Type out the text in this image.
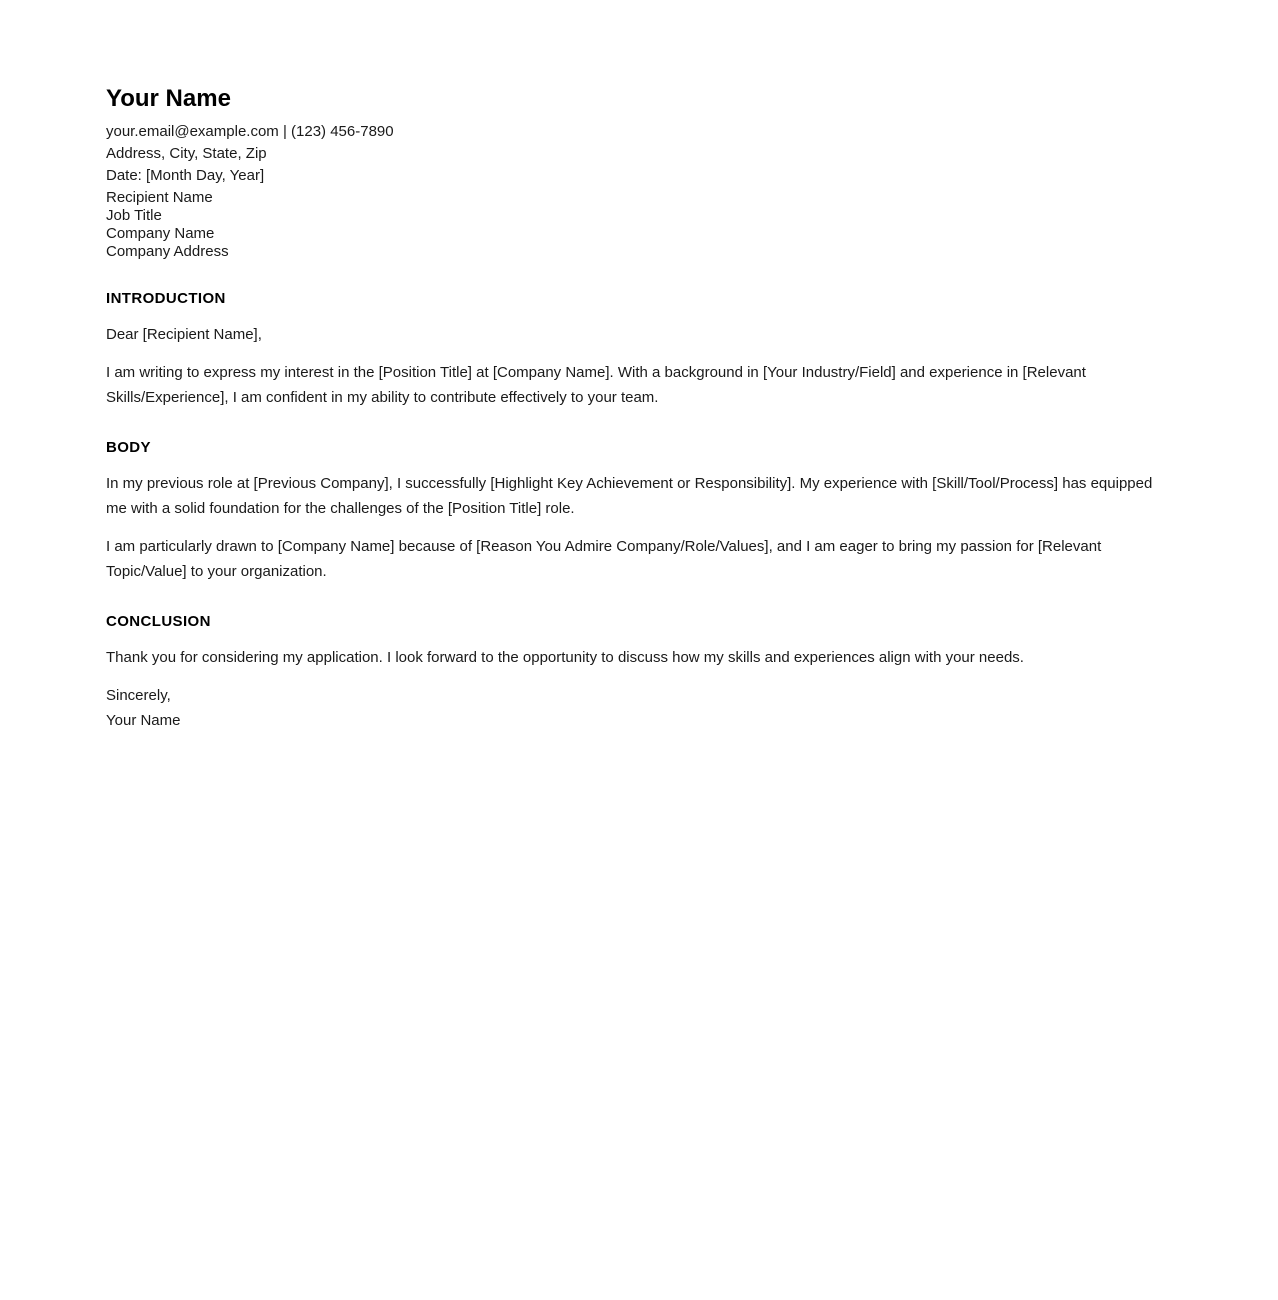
Your Name

your.email@example.com | (123) 456-7890

Address, City, State, Zip

Date: [Month Day, Year]

Recipient Name
Job Title
Company Name
Company Address
INTRODUCTION

Dear [Recipient Name],

I am writing to express my interest in the [Position Title] at [Company Name]. With a background in [Your Industry/Field] and experience in [Relevant Skills/Experience], I am confident in my ability to contribute effectively to your team.

BODY

In my previous role at [Previous Company], I successfully [Highlight Key Achievement or Responsibility]. My experience with [Skill/Tool/Process] has equipped me with a solid foundation for the challenges of the [Position Title] role.

I am particularly drawn to [Company Name] because of [Reason You Admire Company/Role/Values], and I am eager to bring my passion for [Relevant Topic/Value] to your organization.

CONCLUSION

Thank you for considering my application. I look forward to the opportunity to discuss how my skills and experiences align with your needs.

Sincerely,
Your Name
